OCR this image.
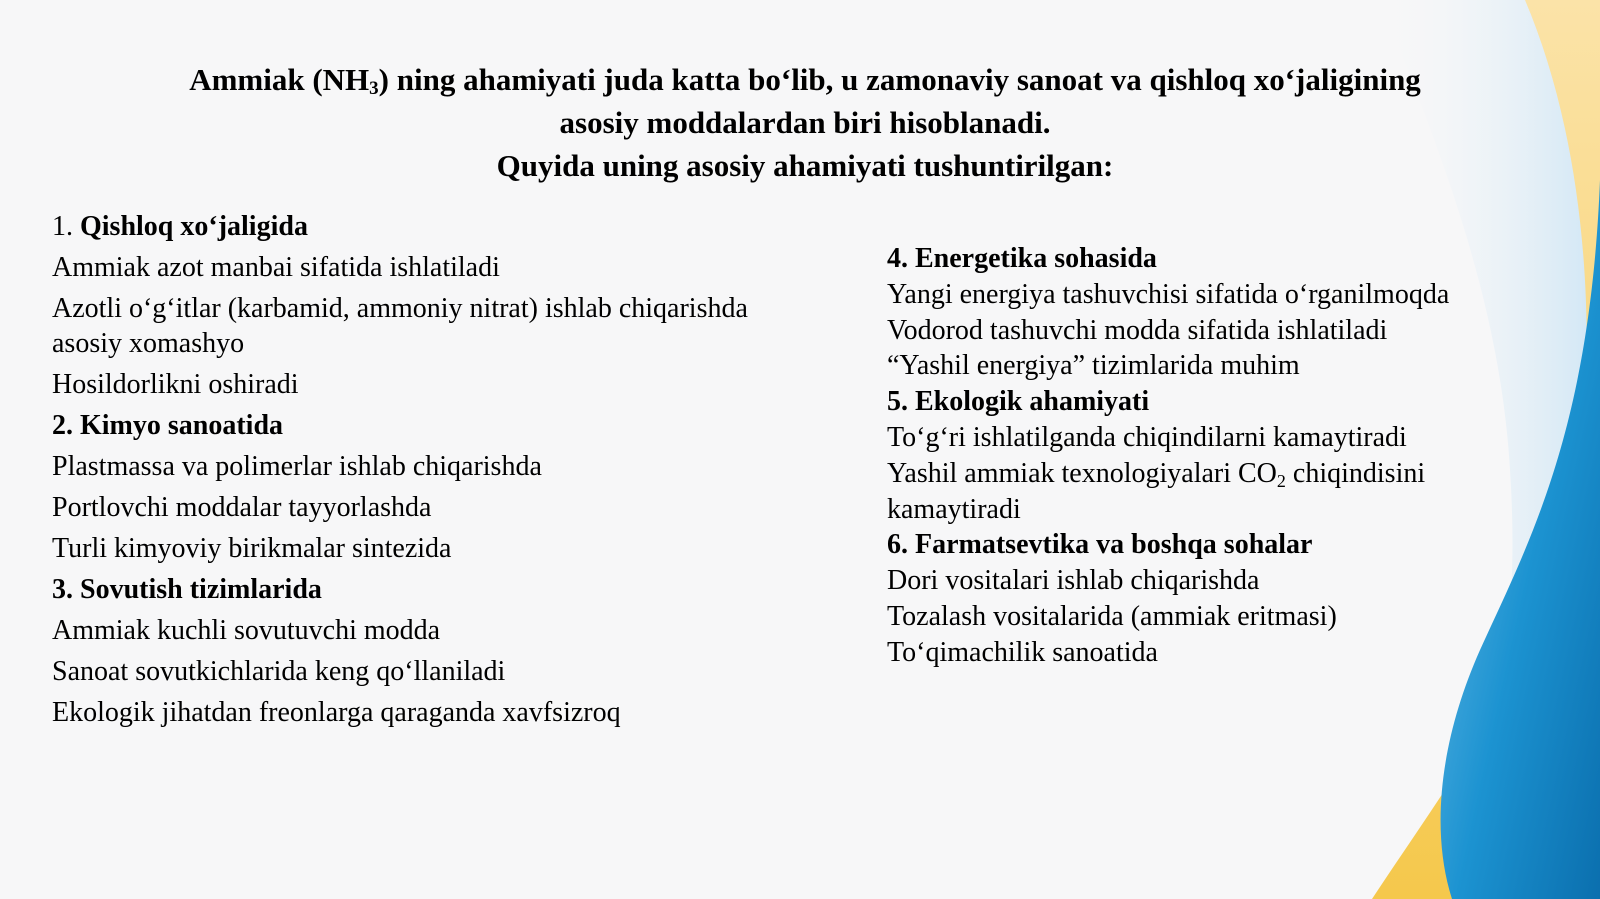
Ammiak $(NH_3)$ ning ahamiyati juda katta bo‘lib, u zamonaviy sanoat va qishloq xo‘jaligining
asosiy moddalardan biri hisoblanadi.
Quyida uning asosiy ahamiyati tushuntirilgan:
1. Qishloq xo‘jaligida
Ammiak azot manbai sifatida ishlatiladi
Azotli o‘g‘itlar (karbamid, ammoniy nitrat) ishlab chiqarishda asosiy xomashyo
Hosildorlikni oshiradi
2. Kimyo sanoatida
Plastmassa va polimerlar ishlab chiqarishda
Portlovchi moddalar tayyorlashda
Turli kimyoviy birikmalar sintezida
3. Sovutish tizimlarida
Ammiak kuchli sovutuvchi modda
Sanoat sovutkichlarida keng qo‘llaniladi
Ekologik jihatdan freonlarga qaraganda xavfsizroq
4. Energetika sohasida
Yangi energiya tashuvchisi sifatida o‘rganilmoqda
Vodorod tashuvchi modda sifatida ishlatiladi
“Yashil energiya” tizimlarida muhim
5. Ekologik ahamiyati
To‘g‘ri ishlatilganda chiqindilarni kamaytiradi
Yashil ammiak texnologiyalari $CO_2$ chiqindisini kamaytiradi
6. Farmatsevtika va boshqa sohalar
Dori vositalari ishlab chiqarishda
Tozalash vositalarida (ammiak eritmasi)
To‘qimachilik sanoatida
